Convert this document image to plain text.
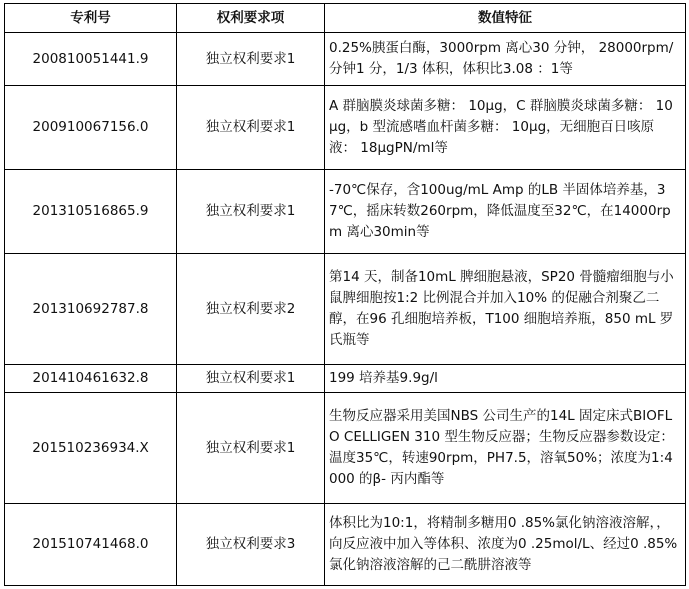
专利号	权利要求项	数值特征
200810051441.9	独立权利要求1	0.25%胰蛋白酶，3000rpm 离心30 分钟， 28000rpm/ 分钟1 分，1/3 体积，体积比3.08 ：1等
200910067156.0	独立权利要求1	A 群脑膜炎球菌多糖： 10μg，C 群脑膜炎球菌多糖： 10μg，b 型流感嗜血杆菌多糖： 10μg，无细胞百日咳原液： 18μgPN/ml等
201310516865.9	独立权利要求1	-70℃保存，含100ug/mL Amp 的LB 半固体培养基，37℃，摇床转数260rpm，降低温度至32℃，在14000rpm 离心30min等
201310692787.8	独立权利要求2	第14 天，制备10mL 脾细胞悬液，SP20 骨髓瘤细胞与小鼠脾细胞按1:2 比例混合并加入10% 的促融合剂聚乙二醇，在96 孔细胞培养板，T100 细胞培养瓶，850 mL 罗氏瓶等
201410461632.8	独立权利要求1	199 培养基9.9g/l
201510236934.X	独立权利要求1	生物反应器采用美国NBS 公司生产的14L 固定床式BIOFLO CELLIGEN 310 型生物反应器；生物反应器参数设定：温度35℃，转速90rpm，PH7.5，溶氧50%；浓度为1:4000 的β- 丙内酯等
201510741468.0	独立权利要求3	体积比为10:1，将精制多糖用0 .85%氯化钠溶液溶解，，向反应液中加入等体积、浓度为0 .25mol/L、经过0 .85%氯化钠溶液溶解的己二酰肼溶液等
